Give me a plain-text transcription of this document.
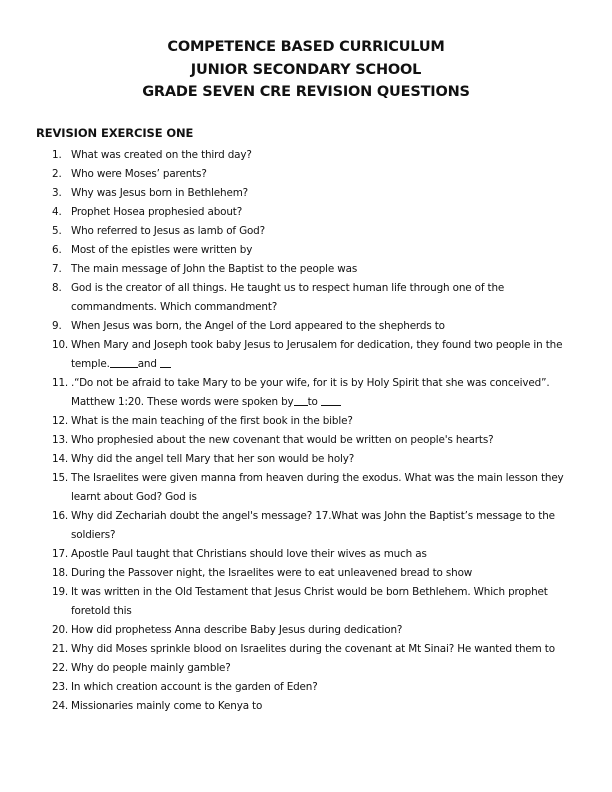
COMPETENCE BASED CURRICULUM
JUNIOR SECONDARY SCHOOL
GRADE SEVEN CRE REVISION QUESTIONS
REVISION EXERCISE ONE
1. What was created on the third day?
2. Who were Moses’ parents?
3. Why was Jesus born in Bethlehem?
4. Prophet Hosea prophesied about?
5. Who referred to Jesus as lamb of God?
6. Most of the epistles were written by
7. The main message of John the Baptist to the people was
8. God is the creator of all things. He taught us to respect human life through one of the commandments. Which commandment?
9. When Jesus was born, the Angel of the Lord appeared to the shepherds to
10. When Mary and Joseph took baby Jesus to Jerusalem for dedication, they found two people in the temple.	and
11. .“Do not be afraid to take Mary to be your wife, for it is by Holy Spirit that she was conceived”. Matthew 1:20. These words were spoken by to
12. What is the main teaching of the first book in the bible?
13. Who prophesied about the new covenant that would be written on people's hearts?
14. Why did the angel tell Mary that her son would be holy?
15. The Israelites were given manna from heaven during the exodus. What was the main lesson they learnt about God? God is
16. Why did Zechariah doubt the angel's message? 17.What was John the Baptist’s message to the soldiers?
17. Apostle Paul taught that Christians should love their wives as much as
18. During the Passover night, the Israelites were to eat unleavened bread to show
19. It was written in the Old Testament that Jesus Christ would be born Bethlehem. Which prophet foretold this
20. How did prophetess Anna describe Baby Jesus during dedication?
21. Why did Moses sprinkle blood on Israelites during the covenant at Mt Sinai? He wanted them to
22. Why do people mainly gamble?
23. In which creation account is the garden of Eden?
24. Missionaries mainly come to Kenya to
